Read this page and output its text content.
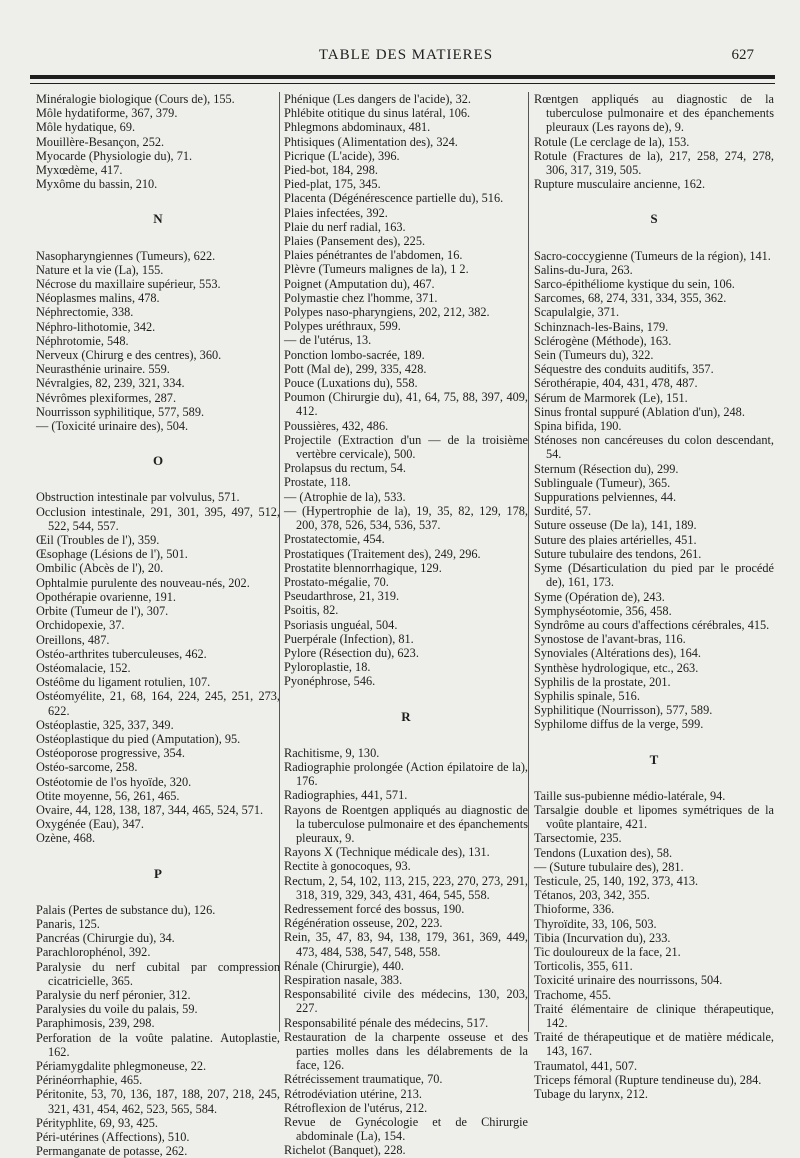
TABLE DES MATIERES	627

Minéralogie biologique (Cours de), 155.

Môle hydatiforme, 367, 379.

Môle hydatique, 69.

Mouillère-Besançon, 252.

Myocarde (Physiologie du), 71.

Myxœdème, 417.

Myxôme du bassin, 210.

N

Nasopharyngiennes (Tumeurs), 622.

Nature et la vie (La), 155.

Nécrose du maxillaire supérieur, 553.

Néoplasmes malins, 478.

Néphrectomie, 338.

Néphro-lithotomie, 342.

Néphrotomie, 548.

Nerveux (Chirurg e des centres), 360.

Neurasthénie urinaire. 559.

Névralgies, 82, 239, 321, 334.

Névrômes plexiformes, 287.

Nourrisson syphilitique, 577, 589.

— (Toxicité urinaire des), 504.

O

Obstruction intestinale par volvulus, 571.

Occlusion intestinale, 291, 301, 395, 497, 512, 522, 544, 557.

Œil (Troubles de l'), 359.

Œsophage (Lésions de l'), 501.

Ombilic (Abcès de l'), 20.

Ophtalmie purulente des nouveau-nés, 202.

Opothérapie ovarienne, 191.

Orbite (Tumeur de l'), 307.

Orchidopexie, 37.

Oreillons, 487.

Ostéo-arthrites tuberculeuses, 462.

Ostéomalacie, 152.

Ostéôme du ligament rotulien, 107.

Ostéomyélite, 21, 68, 164, 224, 245, 251, 273, 622.

Ostéoplastie, 325, 337, 349.

Ostéoplastique du pied (Amputation), 95.

Ostéoporose progressive, 354.

Ostéo-sarcome, 258.

Ostéotomie de l'os hyoïde, 320.

Otite moyenne, 56, 261, 465.

Ovaire, 44, 128, 138, 187, 344, 465, 524, 571.

Oxygénée (Eau), 347.

Ozène, 468.

P

Palais (Pertes de substance du), 126.

Panaris, 125.

Pancréas (Chirurgie du), 34.

Parachlorophénol, 392.

Paralysie du nerf cubital par compression cicatricielle, 365.

Paralysie du nerf péronier, 312.

Paralysies du voile du palais, 59.

Paraphimosis, 239, 298.

Perforation de la voûte palatine. Autoplastie, 162.

Périamygdalite phlegmoneuse, 22.

Périnéorrhaphie, 465.

Péritonite, 53, 70, 136, 187, 188, 207, 218, 245, 321, 431, 454, 462, 523, 565, 584.

Pérityphlite, 69, 93, 425.

Péri-utérines (Affections), 510.

Permanganate de potasse, 262.

Phénique (Les dangers de l'acide), 32.

Phlébite otitique du sinus latéral, 106.

Phlegmons abdominaux, 481.

Phtisiques (Alimentation des), 324.

Picrique (L'acide), 396.

Pied-bot, 184, 298.

Pied-plat, 175, 345.

Placenta (Dégénérescence partielle du), 516.

Plaies infectées, 392.

Plaie du nerf radial, 163.

Plaies (Pansement des), 225.

Plaies pénétrantes de l'abdomen, 16.

Plèvre (Tumeurs malignes de la), 1 2.

Poignet (Amputation du), 467.

Polymastie chez l'homme, 371.

Polypes naso-pharyngiens, 202, 212, 382.

Polypes uréthraux, 599.

— de l'utérus, 13.

Ponction lombo-sacrée, 189.

Pott (Mal de), 299, 335, 428.

Pouce (Luxations du), 558.

Poumon (Chirurgie du), 41, 64, 75, 88, 397, 409, 412.

Poussières, 432, 486.

Projectile (Extraction d'un — de la troisième vertèbre cervicale), 500.

Prolapsus du rectum, 54.

Prostate, 118.

— (Atrophie de la), 533.

— (Hypertrophie de la), 19, 35, 82, 129, 178, 200, 378, 526, 534, 536, 537.

Prostatectomie, 454.

Prostatiques (Traitement des), 249, 296.

Prostatite blennorrhagique, 129.

Prostato-mégalie, 70.

Pseudarthrose, 21, 319.

Psoitis, 82.

Psoriasis unguéal, 504.

Puerpérale (Infection), 81.

Pylore (Résection du), 623.

Pyloroplastie, 18.

Pyonéphrose, 546.

R

Rachitisme, 9, 130.

Radiographie prolongée (Action épilatoire de la), 176.

Radiographies, 441, 571.

Rayons de Roentgen appliqués au diagnostic de la tuberculose pulmonaire et des épanchements pleuraux, 9.

Rayons X (Technique médicale des), 131.

Rectite à gonocoques, 93.

Rectum, 2, 54, 102, 113, 215, 223, 270, 273, 291, 318, 319, 329, 343, 431, 464, 545, 558.

Redressement forcé des bossus, 190.

Régénération osseuse, 202, 223.

Rein, 35, 47, 83, 94, 138, 179, 361, 369, 449, 473, 484, 538, 547, 548, 558.

Rénale (Chirurgie), 440.

Respiration nasale, 383.

Responsabilité civile des médecins, 130, 203, 227.

Responsabilité pénale des médecins, 517.

Restauration de la charpente osseuse et des parties molles dans les délabrements de la face, 126.

Rétrécissement traumatique, 70.

Rétrodéviation utérine, 213.

Rétroflexion de l'utérus, 212.

Revue de Gynécologie et de Chirurgie abdominale (La), 154.

Richelot (Banquet), 228.

Rœntgen appliqués au diagnostic de la tuberculose pulmonaire et des épanchements pleuraux (Les rayons de), 9.

Rotule (Le cerclage de la), 153.

Rotule (Fractures de la), 217, 258, 274, 278, 306, 317, 319, 505.

Rupture musculaire ancienne, 162.

S

Sacro-coccygienne (Tumeurs de la région), 141.

Salins-du-Jura, 263.

Sarco-épithéliome kystique du sein, 106.

Sarcomes, 68, 274, 331, 334, 355, 362.

Scapulalgie, 371.

Schinznach-les-Bains, 179.

Sclérogène (Méthode), 163.

Sein (Tumeurs du), 322.

Séquestre des conduits auditifs, 357.

Sérothérapie, 404, 431, 478, 487.

Sérum de Marmorek (Le), 151.

Sinus frontal suppuré (Ablation d'un), 248.

Spina bifida, 190.

Sténoses non cancéreuses du colon descendant, 54.

Sternum (Résection du), 299.

Sublinguale (Tumeur), 365.

Suppurations pelviennes, 44.

Surdité, 57.

Suture osseuse (De la), 141, 189.

Suture des plaies artérielles, 451.

Suture tubulaire des tendons, 261.

Syme (Désarticulation du pied par le procédé de), 161, 173.

Syme (Opération de), 243.

Symphyséotomie, 356, 458.

Syndrôme au cours d'affections cérébrales, 415.

Synostose de l'avant-bras, 116.

Synoviales (Altérations des), 164.

Synthèse hydrologique, etc., 263.

Syphilis de la prostate, 201.

Syphilis spinale, 516.

Syphilitique (Nourrisson), 577, 589.

Syphilome diffus de la verge, 599.

T

Taille sus-pubienne médio-latérale, 94.

Tarsalgie double et lipomes symétriques de la voûte plantaire, 421.

Tarsectomie, 235.

Tendons (Luxation des), 58.

— (Suture tubulaire des), 281.

Testicule, 25, 140, 192, 373, 413.

Tétanos, 203, 342, 355.

Thioforme, 336.

Thyroïdite, 33, 106, 503.

Tibia (Incurvation du), 233.

Tic douloureux de la face, 21.

Torticolis, 355, 611.

Toxicité urinaire des nourrissons, 504.

Trachome, 455.

Traité élémentaire de clinique thérapeutique, 142.

Traité de thérapeutique et de matière médicale, 143, 167.

Traumatol, 441, 507.

Triceps fémoral (Rupture tendineuse du), 284.

Tubage du larynx, 212.
